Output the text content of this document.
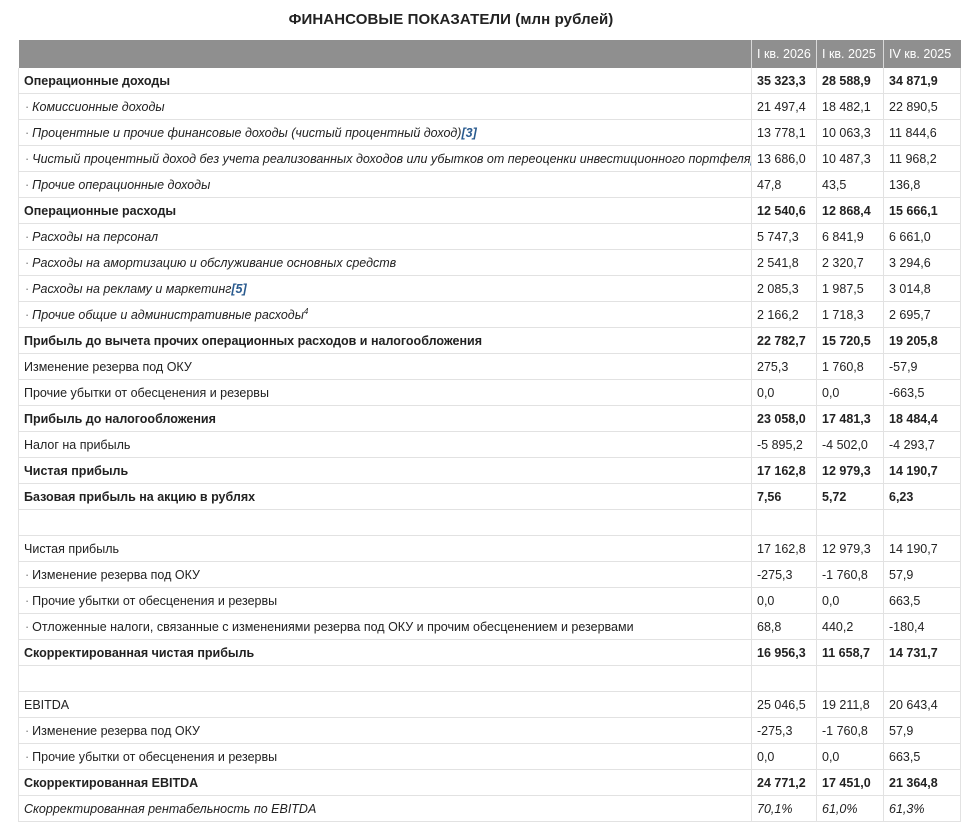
ФИНАНСОВЫЕ ПОКАЗАТЕЛИ (млн рублей)
	I кв. 2026	I кв. 2025	IV кв. 2025
Операционные доходы	35 323,3	28 588,9	34 871,9
· Комиссионные доходы	21 497,4	18 482,1	22 890,5
· Процентные и прочие финансовые доходы (чистый процентный доход)[3]	13 778,1	10 063,3	11 844,6
· Чистый процентный доход без учета реализованных доходов или убытков от переоценки инвестиционного портфеля	13 686,0	10 487,3	11 968,2
· Прочие операционные доходы	47,8	43,5	136,8
Операционные расходы	12 540,6	12 868,4	15 666,1
· Расходы на персонал	5 747,3	6 841,9	6 661,0
· Расходы на амортизацию и обслуживание основных средств	2 541,8	2 320,7	3 294,6
· Расходы на рекламу и маркетинг[5]	2 085,3	1 987,5	3 014,8
· Прочие общие и административные расходы$^4$	2 166,2	1 718,3	2 695,7
Прибыль до вычета прочих операционных расходов и налогообложения	22 782,7	15 720,5	19 205,8
Изменение резерва под ОКУ	275,3	1 760,8	-57,9
Прочие убытки от обесценения и резервы	0,0	0,0	-663,5
Прибыль до налогообложения	23 058,0	17 481,3	18 484,4
Налог на прибыль	-5 895,2	-4 502,0	-4 293,7
Чистая прибыль	17 162,8	12 979,3	14 190,7
Базовая прибыль на акцию в рублях	7,56	5,72	6,23

Чистая прибыль	17 162,8	12 979,3	14 190,7
· Изменение резерва под ОКУ	-275,3	-1 760,8	57,9
· Прочие убытки от обесценения и резервы	0,0	0,0	663,5
· Отложенные налоги, связанные с изменениями резерва под ОКУ и прочим обесценением и резервами	68,8	440,2	-180,4
Скорректированная чистая прибыль	16 956,3	11 658,7	14 731,7

EBITDA	25 046,5	19 211,8	20 643,4
· Изменение резерва под ОКУ	-275,3	-1 760,8	57,9
· Прочие убытки от обесценения и резервы	0,0	0,0	663,5
Скорректированная EBITDA	24 771,2	17 451,0	21 364,8
Скорректированная рентабельность по EBITDA	70,1%	61,0%	61,3%
